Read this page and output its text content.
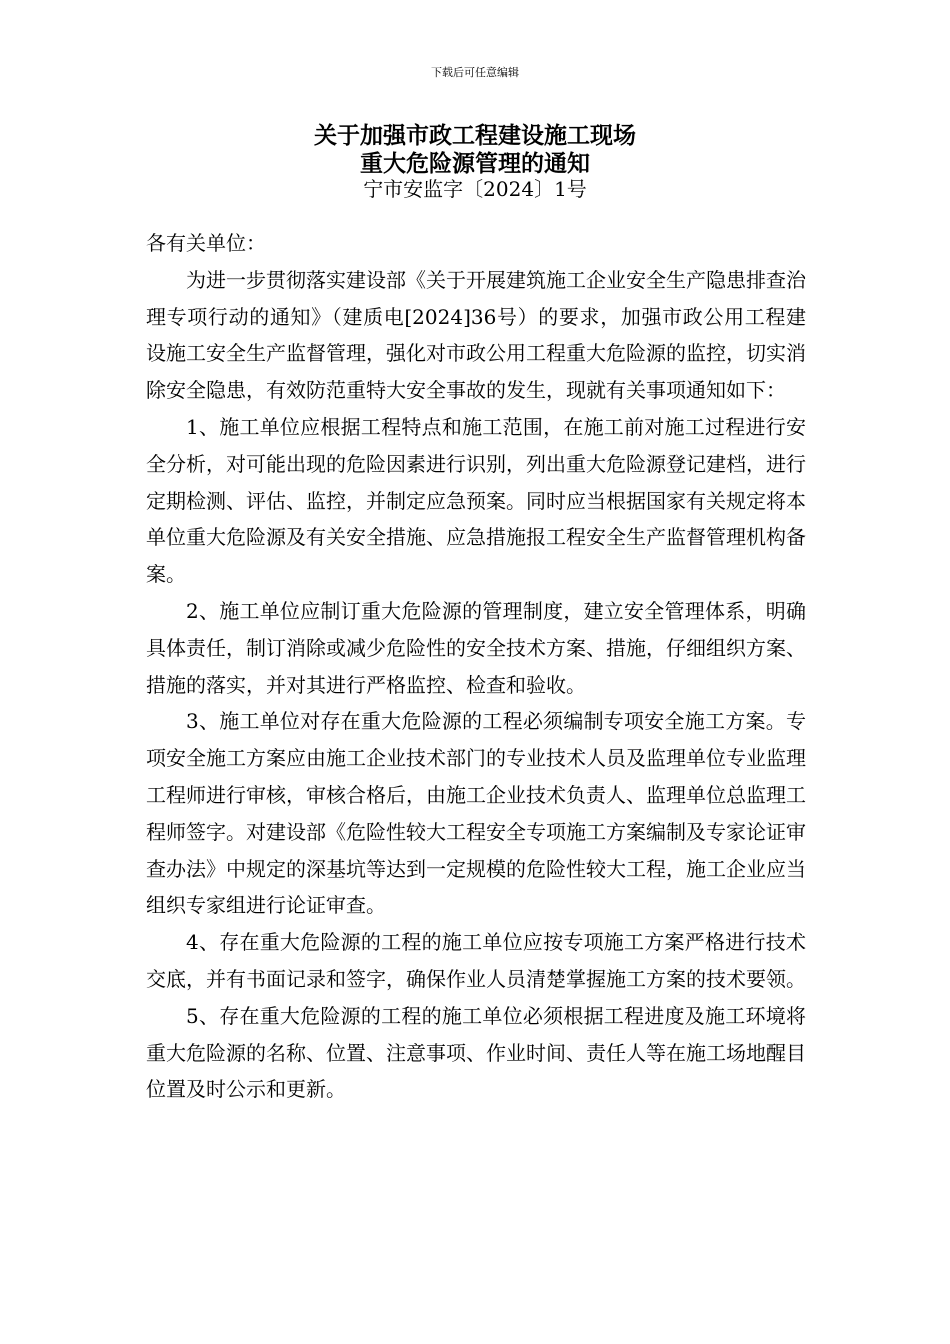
下载后可任意编辑
关于加强市政工程建设施工现场
重大危险源管理的通知
宁市安监字〔2024〕1号

各有关单位：

为进一步贯彻落实建设部《关于开展建筑施工企业安全生产隐患排查治理专项行动的通知》（建质电[2024]36号）的要求，加强市政公用工程建设施工安全生产监督管理，强化对市政公用工程重大危险源的监控，切实消除安全隐患，有效防范重特大安全事故的发生，现就有关事项通知如下：

1、施工单位应根据工程特点和施工范围，在施工前对施工过程进行安全分析，对可能出现的危险因素进行识别，列出重大危险源登记建档，进行定期检测、评估、监控，并制定应急预案。同时应当根据国家有关规定将本单位重大危险源及有关安全措施、应急措施报工程安全生产监督管理机构备案。

2、施工单位应制订重大危险源的管理制度，建立安全管理体系，明确具体责任，制订消除或减少危险性的安全技术方案、措施，仔细组织方案、措施的落实，并对其进行严格监控、检查和验收。

3、施工单位对存在重大危险源的工程必须编制专项安全施工方案。专项安全施工方案应由施工企业技术部门的专业技术人员及监理单位专业监理工程师进行审核，审核合格后，由施工企业技术负责人、监理单位总监理工程师签字。对建设部《危险性较大工程安全专项施工方案编制及专家论证审查办法》中规定的深基坑等达到一定规模的危险性较大工程，施工企业应当组织专家组进行论证审查。

4、存在重大危险源的工程的施工单位应按专项施工方案严格进行技术交底，并有书面记录和签字，确保作业人员清楚掌握施工方案的技术要领。

5、存在重大危险源的工程的施工单位必须根据工程进度及施工环境将重大危险源的名称、位置、注意事项、作业时间、责任人等在施工场地醒目位置及时公示和更新。
